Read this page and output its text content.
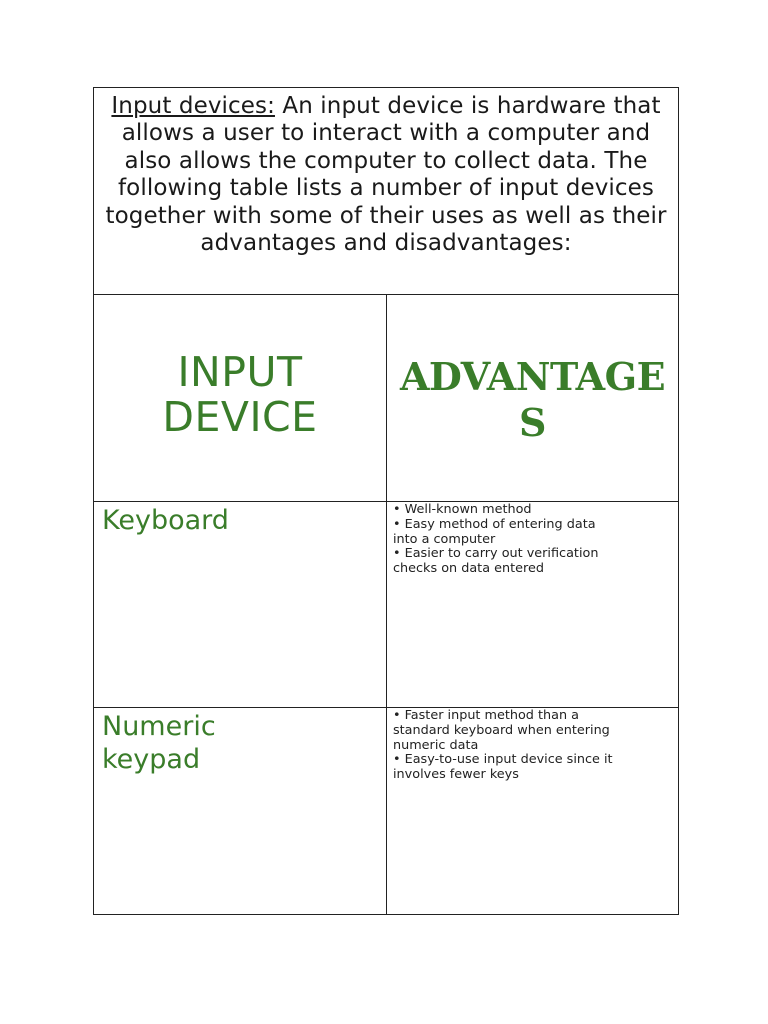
Input devices: An input device is hardware that allows a user to interact with a computer and also allows the computer to collect data. The following table lists a number of input devices together with some of their uses as well as their advantages and disadvantages:
INPUT
DEVICE
ADVANTAGE
S
Keyboard	• Well-known method
• Easy method of entering data into a computer
• Easier to carry out verification checks on data entered
Numeric
keypad
• Faster input method than a standard keyboard when entering numeric data
• Easy-to-use input device since it involves fewer keys
